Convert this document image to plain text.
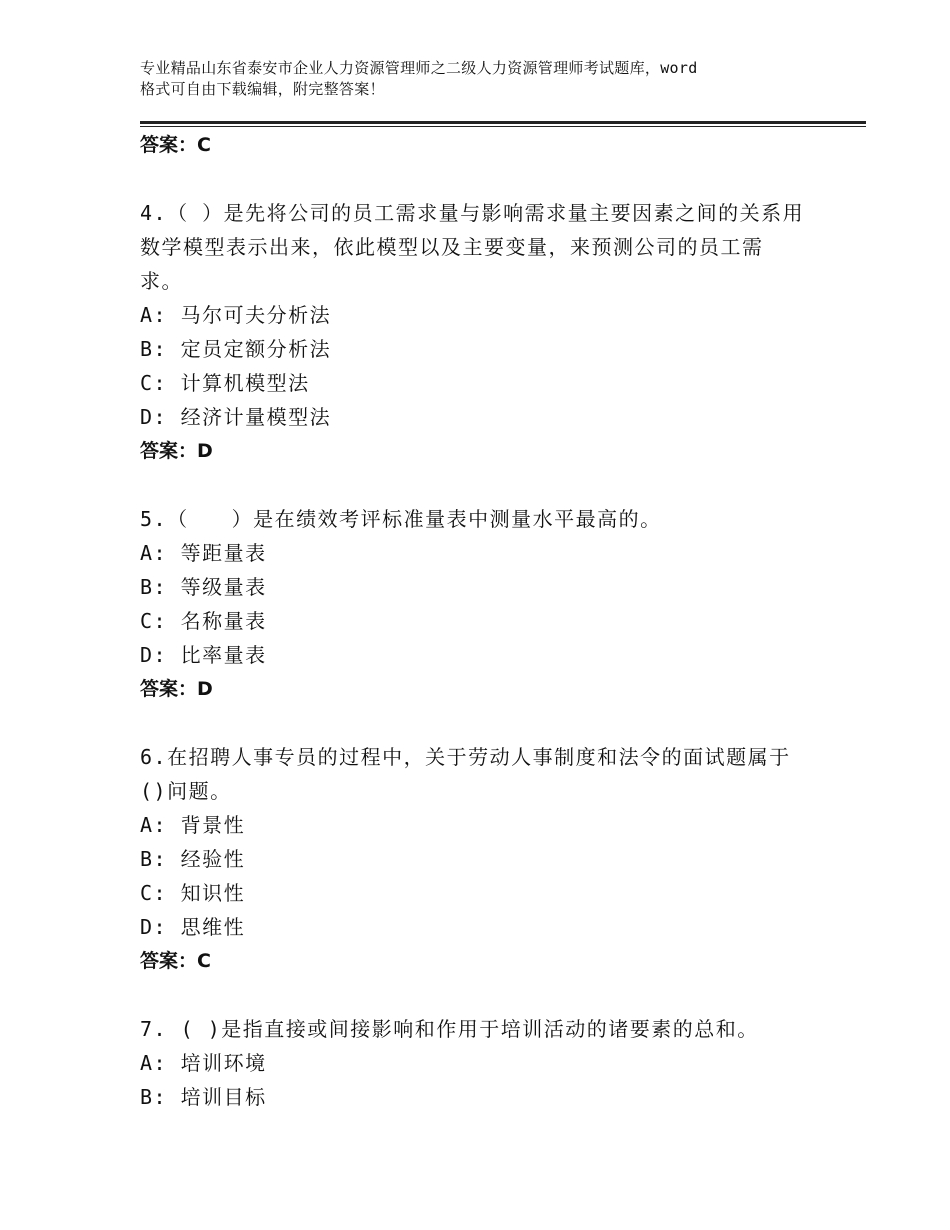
专业精品山东省泰安市企业人力资源管理师之二级人力资源管理师考试题库，word
格式可自由下载编辑，附完整答案！
答案：C
4.（ ）是先将公司的员工需求量与影响需求量主要因素之间的关系用
数学模型表示出来，依此模型以及主要变量，来预测公司的员工需
求。
A: 马尔可夫分析法
B: 定员定额分析法
C: 计算机模型法
D: 经济计量模型法
答案：D
5.（　　）是在绩效考评标准量表中测量水平最高的。
A: 等距量表
B: 等级量表
C: 名称量表
D: 比率量表
答案：D
6.在招聘人事专员的过程中，关于劳动人事制度和法令的面试题属于
()问题。
A: 背景性
B: 经验性
C: 知识性
D: 思维性
答案：C
7. ( )是指直接或间接影响和作用于培训活动的诸要素的总和。
A: 培训环境
B: 培训目标
